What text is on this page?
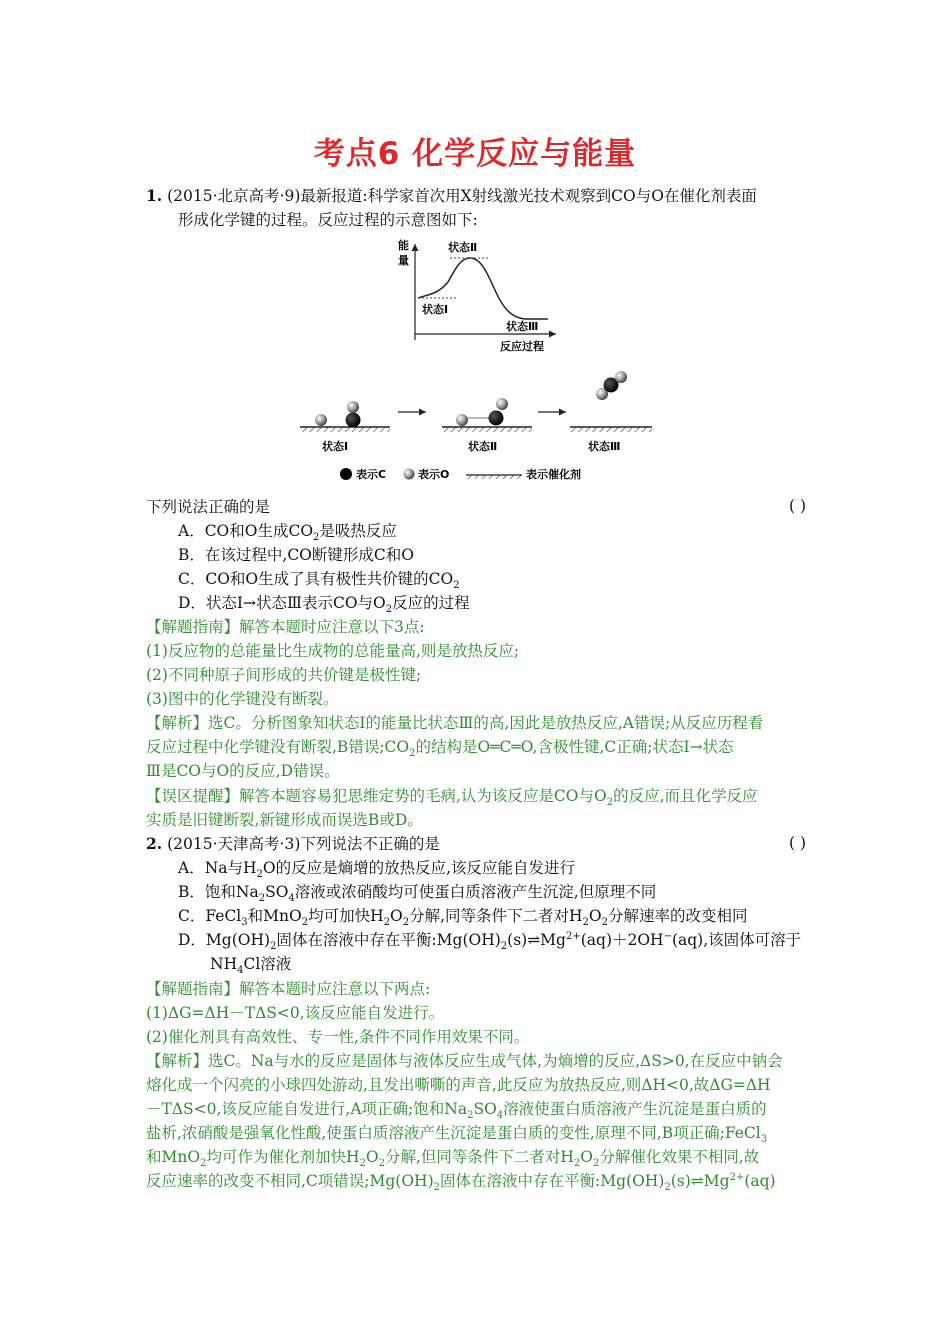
考点6 化学反应与能量
1. (2015·北京高考·9)最新报道:科学家首次用X射线激光技术观察到CO与O在催化剂表面
形成化学键的过程。反应过程的示意图如下:
能
量
反应过程
状态Ⅰ
状态Ⅱ
状态Ⅲ
状态Ⅰ	状态Ⅱ	状态Ⅲ
表示C	表示O	表示催化剂
下列说法正确的是	( )
A．CO和O生成$CO_2$是吸热反应
B．在该过程中,CO断键形成C和O
C．CO和O生成了具有极性共价键的$CO_2$
D．状态Ⅰ→状态Ⅲ表示CO与$O_2$反应的过程
【解题指南】解答本题时应注意以下3点:
(1)反应物的总能量比生成物的总能量高,则是放热反应;
(2)不同种原子间形成的共价键是极性键;
(3)图中的化学键没有断裂。
【解析】选C。分析图象知状态Ⅰ的能量比状态Ⅲ的高,因此是放热反应,A错误;从反应历程看
反应过程中化学键没有断裂,B错误$;CO_2$的结构是O═C═O,含极性键,C正确;状态Ⅰ→状态
Ⅲ是CO与O的反应,D错误。
【误区提醒】解答本题容易犯思维定势的毛病,认为该反应是CO与$O_2$的反应,而且化学反应
实质是旧键断裂,新键形成而误选B或D。
2. (2015·天津高考·3)下列说法不正确的是	( )
A．Na与$H_2O$的反应是熵增的放热反应,该反应能自发进行
B．饱和$Na_2SO_4$溶液或浓硝酸均可使蛋白质溶液产生沉淀,但原理不同
C．FeCl$_3$和MnO$_2$均可加快$H_2O_2$分解,同等条件下二者对$H_2O_2$分解速率的改变相同
D．$Mg(OH)_2$固体在溶液中存在平衡$:Mg(OH)_2(s)\rightleftharpoons Mg^{2+}(aq)+2OH^-(aq)$,该固体可溶于
$NH_4Cl$溶液
【解题指南】解答本题时应注意以下两点:
(1)ΔG=ΔH－TΔS<0,该反应能自发进行。
(2)催化剂具有高效性、专一性,条件不同作用效果不同。
【解析】选C。Na与水的反应是固体与液体反应生成气体,为熵增的反应,ΔS>0,在反应中钠会
熔化成一个闪亮的小球四处游动,且发出嘶嘶的声音,此反应为放热反应,则ΔH<0,故ΔG=ΔH
－TΔS<0,该反应能自发进行,A项正确;饱和$Na_2SO_4$溶液使蛋白质溶液产生沉淀是蛋白质的
盐析,浓硝酸是强氧化性酸,使蛋白质溶液产生沉淀是蛋白质的变性,原理不同,B项正确;FeCl$_3$
和MnO$_2$均可作为催化剂加快$H_2O_2$分解,但同等条件下二者对$H_2O_2$分解催化效果不相同,故
反应速率的改变不相同,C项错误$;Mg(OH)_2$固体在溶液中存在平衡$:Mg(OH)_2(s)\rightleftharpoons Mg^{2+}(aq)$
